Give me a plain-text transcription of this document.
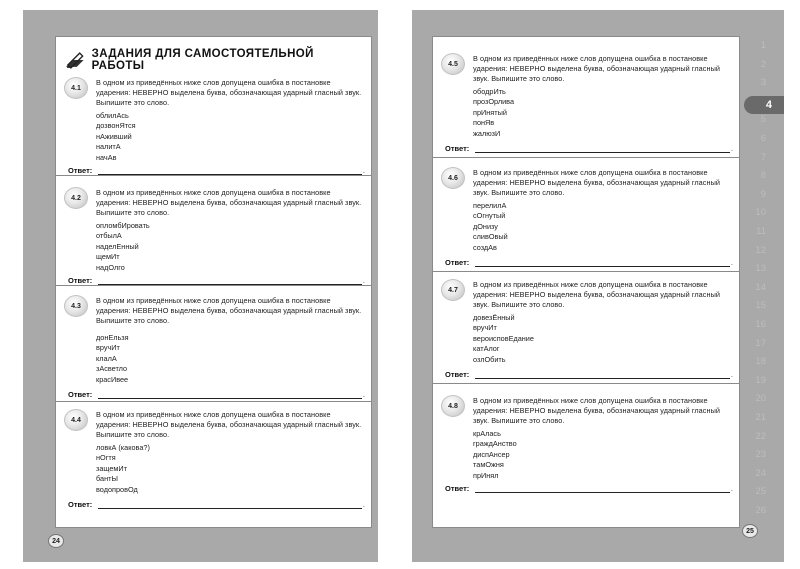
ЗАДАНИЯ ДЛЯ САМОСТОЯТЕЛЬНОЙ РАБОТЫ
4.1
В одном из приведённых ниже слов допущена ошибка в постановке ударения: НЕВЕРНО выделена буква, обозначающая ударный гласный звук. Выпишите это слово.
облилАсь
дозвонЯтся
нАживший
налитА
начАв
Ответ:	.
4.2
В одном из приведённых ниже слов допущена ошибка в постановке ударения: НЕВЕРНО выделена буква, обозначающая ударный гласный звук. Выпишите это слово.
опломбИровать
отбылА
наделЕнный
щемИт
надОлго
Ответ:	.
4.3
В одном из приведённых ниже слов допущена ошибка в постановке ударения: НЕВЕРНО выделена буква, обозначающая ударный гласный звук. Выпишите это слово.
донЕльзя
вручИт
клалА
зАсветло
красИвее
Ответ:	.
4.4
В одном из приведённых ниже слов допущена ошибка в постановке ударения: НЕВЕРНО выделена буква, обозначающая ударный гласный звук. Выпишите это слово.
ловкА (какова?)
нОгтя
защемИт
бантЫ
водопровОд
Ответ:	.
24
4.5
В одном из приведённых ниже слов допущена ошибка в постановке ударения: НЕВЕРНО выделена буква, обозначающая ударный гласный звук. Выпишите это слово.
ободрИть
прозОрлива
прИнятый
понЯв
жалюзИ
Ответ:	.
4.6
В одном из приведённых ниже слов допущена ошибка в постановке ударения: НЕВЕРНО выделена буква, обозначающая ударный гласный звук. Выпишите это слово.
перелилА
сОгнутый
дОнизу
сливОвый
создАв
Ответ:	.
4.7
В одном из приведённых ниже слов допущена ошибка в постановке ударения: НЕВЕРНО выделена буква, обозначающая ударный гласный звук. Выпишите это слово.
довезЁнный
вручИт
вероисповЕдание
катАлог
озлОбить
Ответ:	.
4.8
В одном из приведённых ниже слов допущена ошибка в постановке ударения: НЕВЕРНО выделена буква, обозначающая ударный гласный звук. Выпишите это слово.
крАлась
граждАнство
диспАнсер
тамОжня
прИнял
Ответ:	.
1
2
3
4
5
6
7
8
9
10
11
12
13
14
15
16
17
18
19
20
21
22
23
24
25
26
25
